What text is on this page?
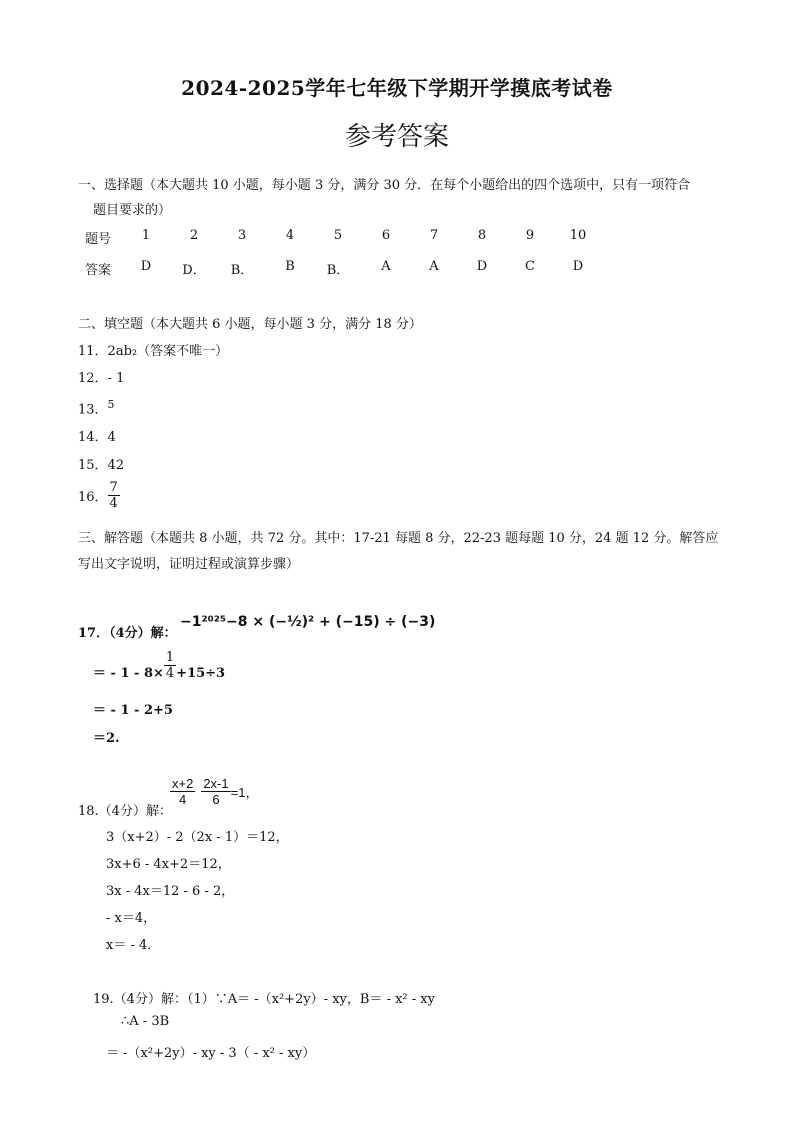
2024-2025学年七年级下学期开学摸底考试卷
参考答案
一、选择题（本大题共 10 小题，每小题 3 分，满分 30 分．在每个小题给出的四个选项中，只有一项符合
题目要求的）
题号	1	2	3	4	5	6	7	8	9	10
答案	D	D．	B．	B	B．	A	A	D	C	D
二、填空题（本大题共 6 小题，每小题 3 分，满分 18 分）
11．2ab₂（答案不唯一）
12．- 1
13．$^5$
14．4
15．42
16． $\frac{7}{4}$
三、解答题（本题共 8 小题，共 72 分。其中：17-21 每题 8 分，22-23 题每题 10 分，24 题 12 分。解答应
写出文字说明，证明过程或演算步骤）
17．（4分）解：
−1²⁰²⁵−8 × (−½)² + (−15) ÷ (−3)
＝ - $1 - 8\times \frac{1}{4} +15\div 3$
＝ - 1 - 2+5
＝2.
18.（4分）解：
$\frac{x+2}{4} \frac{2x-1}{6} =1$，
3（x+2）- 2（2x - 1）＝12，
3x+6 - 4x+2＝12，
3x - 4x＝12 - 6 - 2，
- x＝4，
x＝ - 4．
19.（4分）解：（1）∵A＝ -（x²+2y）- xy，B＝ - x² - xy
∴A - 3B
＝ -（x²+2y）- xy - 3（ - x² - xy）
